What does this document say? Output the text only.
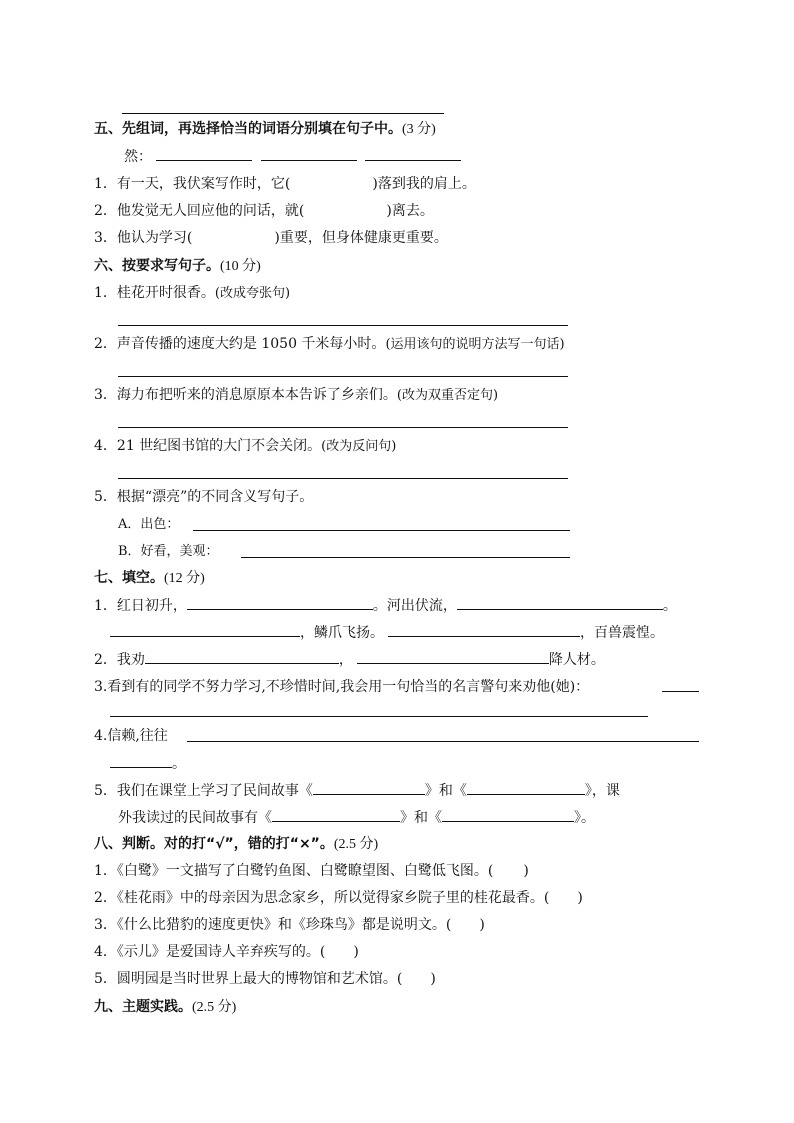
五、先组词，再选择恰当的词语分别填在句子中。(3 分)
然：
1．有一天，我伏案写作时，它(	)落到我的肩上。
2．他发觉无人回应他的问话，就(	)离去。
3．他认为学习(	)重要，但身体健康更重要。
六、按要求写句子。(10 分)
1．桂花开时很香。(改成夸张句)
2．声音传播的速度大约是 1050 千米每小时。(运用该句的说明方法写一句话)
3．海力布把听来的消息原原本本告诉了乡亲们。(改为双重否定句)
4．21 世纪图书馆的大门不会关闭。(改为反问句)
5．根据“漂亮”的不同含义写句子。
A．出色：
B．好看，美观：
七、填空。(12 分)
1．红日初升，	。河出伏流，	。
，鳞爪飞扬。	，百兽震惶。
2．我劝	，	降人材。
3.看到有的同学不努力学习,不珍惜时间,我会用一句恰当的名言警句来劝他(她)：
4.信赖,往往
。
5．我们在课堂上学习了民间故事《	》和《	》，课
外我读过的民间故事有《	》和《	》。
八、判断。对的打“√”，错的打“×”。(2.5 分)
1．《白鹭》一文描写了白鹭钓鱼图、白鹭瞭望图、白鹭低飞图。( )
2．《桂花雨》中的母亲因为思念家乡，所以觉得家乡院子里的桂花最香。( )
3．《什么比猎豹的速度更快》和《珍珠鸟》都是说明文。( )
4．《示儿》是爱国诗人辛弃疾写的。( )
5．圆明园是当时世界上最大的博物馆和艺术馆。( )
九、主题实践。(2.5 分)
